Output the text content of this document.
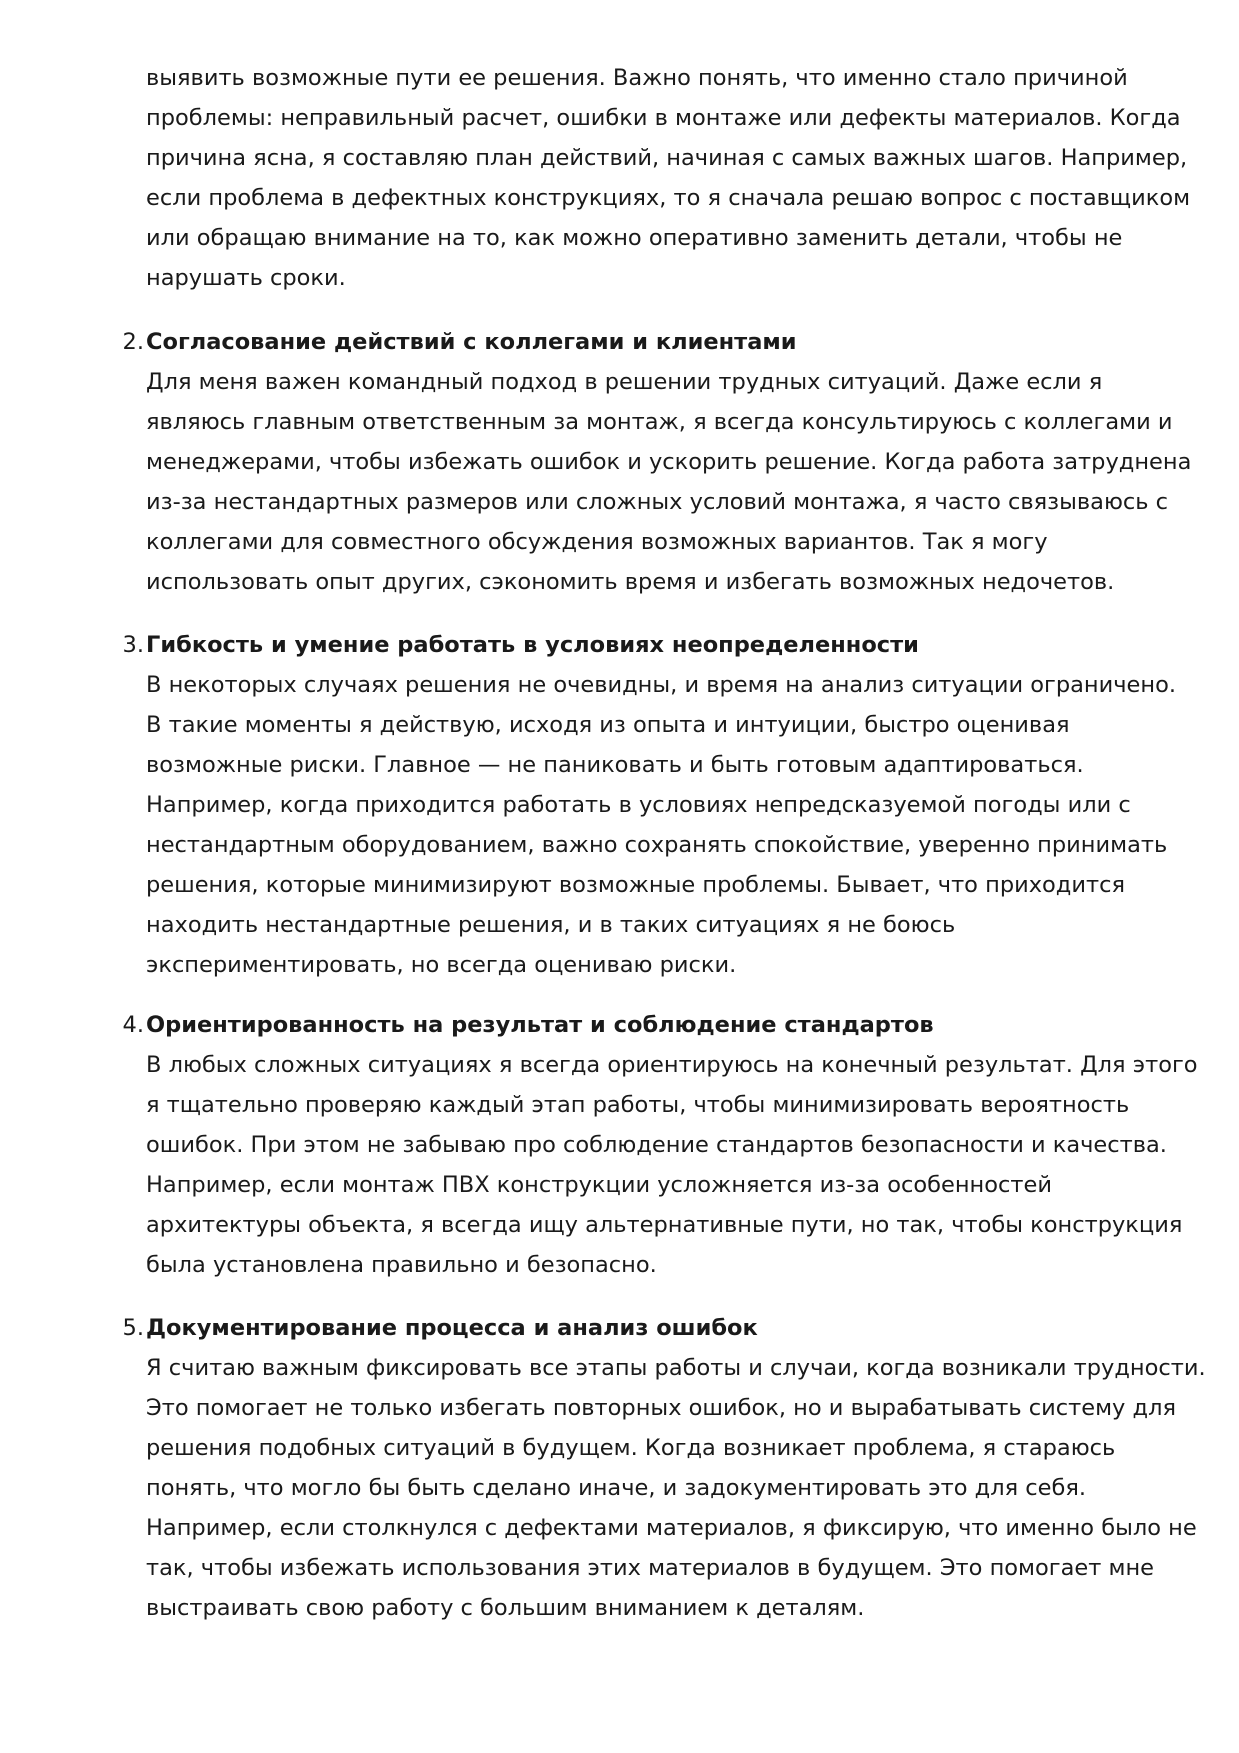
выявить возможные пути ее решения. Важно понять, что именно стало причиной
проблемы: неправильный расчет, ошибки в монтаже или дефекты материалов. Когда
причина ясна, я составляю план действий, начиная с самых важных шагов. Например,
если проблема в дефектных конструкциях, то я сначала решаю вопрос с поставщиком
или обращаю внимание на то, как можно оперативно заменить детали, чтобы не
нарушать сроки.
2. Согласование действий с коллегами и клиентами
Для меня важен командный подход в решении трудных ситуаций. Даже если я
являюсь главным ответственным за монтаж, я всегда консультируюсь с коллегами и
менеджерами, чтобы избежать ошибок и ускорить решение. Когда работа затруднена
из-за нестандартных размеров или сложных условий монтажа, я часто связываюсь с
коллегами для совместного обсуждения возможных вариантов. Так я могу
использовать опыт других, сэкономить время и избегать возможных недочетов.
3. Гибкость и умение работать в условиях неопределенности
В некоторых случаях решения не очевидны, и время на анализ ситуации ограничено.
В такие моменты я действую, исходя из опыта и интуиции, быстро оценивая
возможные риски. Главное — не паниковать и быть готовым адаптироваться.
Например, когда приходится работать в условиях непредсказуемой погоды или с
нестандартным оборудованием, важно сохранять спокойствие, уверенно принимать
решения, которые минимизируют возможные проблемы. Бывает, что приходится
находить нестандартные решения, и в таких ситуациях я не боюсь
экспериментировать, но всегда оцениваю риски.
4. Ориентированность на результат и соблюдение стандартов
В любых сложных ситуациях я всегда ориентируюсь на конечный результат. Для этого
я тщательно проверяю каждый этап работы, чтобы минимизировать вероятность
ошибок. При этом не забываю про соблюдение стандартов безопасности и качества.
Например, если монтаж ПВХ конструкции усложняется из-за особенностей
архитектуры объекта, я всегда ищу альтернативные пути, но так, чтобы конструкция
была установлена правильно и безопасно.
5. Документирование процесса и анализ ошибок
Я считаю важным фиксировать все этапы работы и случаи, когда возникали трудности.
Это помогает не только избегать повторных ошибок, но и вырабатывать систему для
решения подобных ситуаций в будущем. Когда возникает проблема, я стараюсь
понять, что могло бы быть сделано иначе, и задокументировать это для себя.
Например, если столкнулся с дефектами материалов, я фиксирую, что именно было не
так, чтобы избежать использования этих материалов в будущем. Это помогает мне
выстраивать свою работу с большим вниманием к деталям.
